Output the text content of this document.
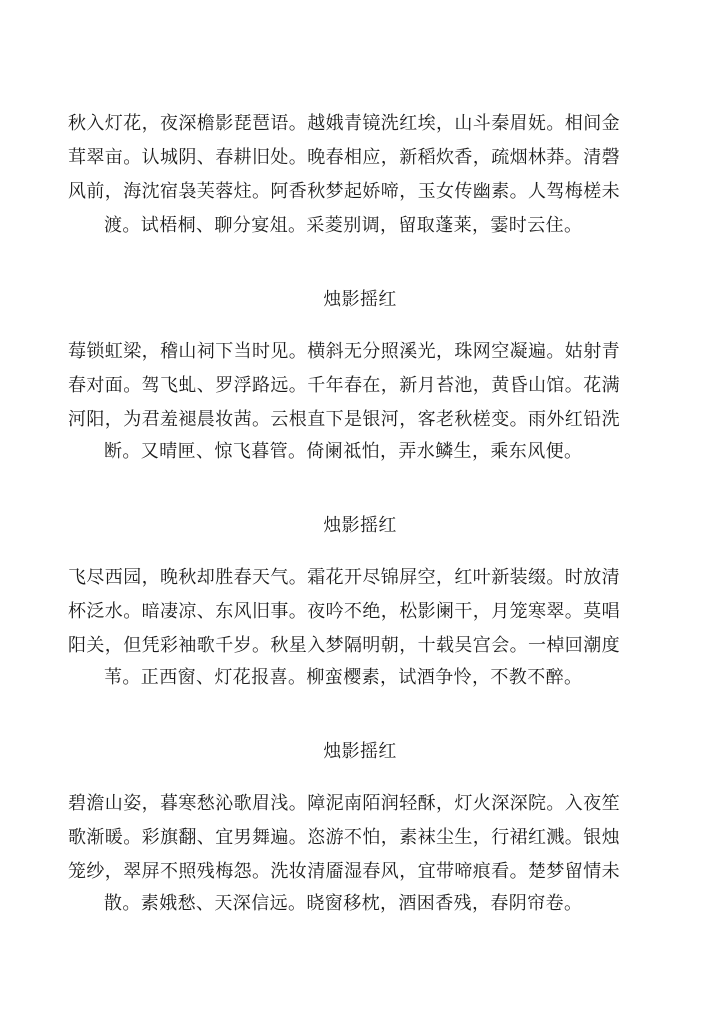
秋入灯花，夜深檐影琵琶语。越娥青镜洗红埃，山斗秦眉妩。相间金
茸翠亩。认城阴、春耕旧处。晚春相应，新稻炊香，疏烟林莽。清磬
风前，海沈宿袅芙蓉炷。阿香秋梦起娇啼，玉女传幽素。人驾梅槎未
渡。试梧桐、聊分宴俎。采菱别调，留取蓬莱，霎时云住。
烛影摇红
莓锁虹梁，稽山祠下当时见。横斜无分照溪光，珠网空凝遍。姑射青
春对面。驾飞虬、罗浮路远。千年春在，新月苔池，黄昏山馆。花满
河阳，为君羞褪晨妆茜。云根直下是银河，客老秋槎变。雨外红铅洗
断。又晴匣、惊飞暮管。倚阑祗怕，弄水鳞生，乘东风便。
烛影摇红
飞尽西园，晚秋却胜春天气。霜花开尽锦屏空，红叶新装缀。时放清
杯泛水。暗凄凉、东风旧事。夜吟不绝，松影阑干，月笼寒翠。莫唱
阳关，但凭彩袖歌千岁。秋星入梦隔明朝，十载吴宫会。一棹回潮度
苇。正西窗、灯花报喜。柳蛮樱素，试酒争怜，不教不醉。
烛影摇红
碧澹山姿，暮寒愁沁歌眉浅。障泥南陌润轻酥，灯火深深院。入夜笙
歌渐暖。彩旗翻、宜男舞遍。恣游不怕，素袜尘生，行裙红溅。银烛
笼纱，翠屏不照残梅怨。洗妆清靥湿春风，宜带啼痕看。楚梦留情未
散。素娥愁、天深信远。晓窗移枕，酒困香残，春阴帘卷。
